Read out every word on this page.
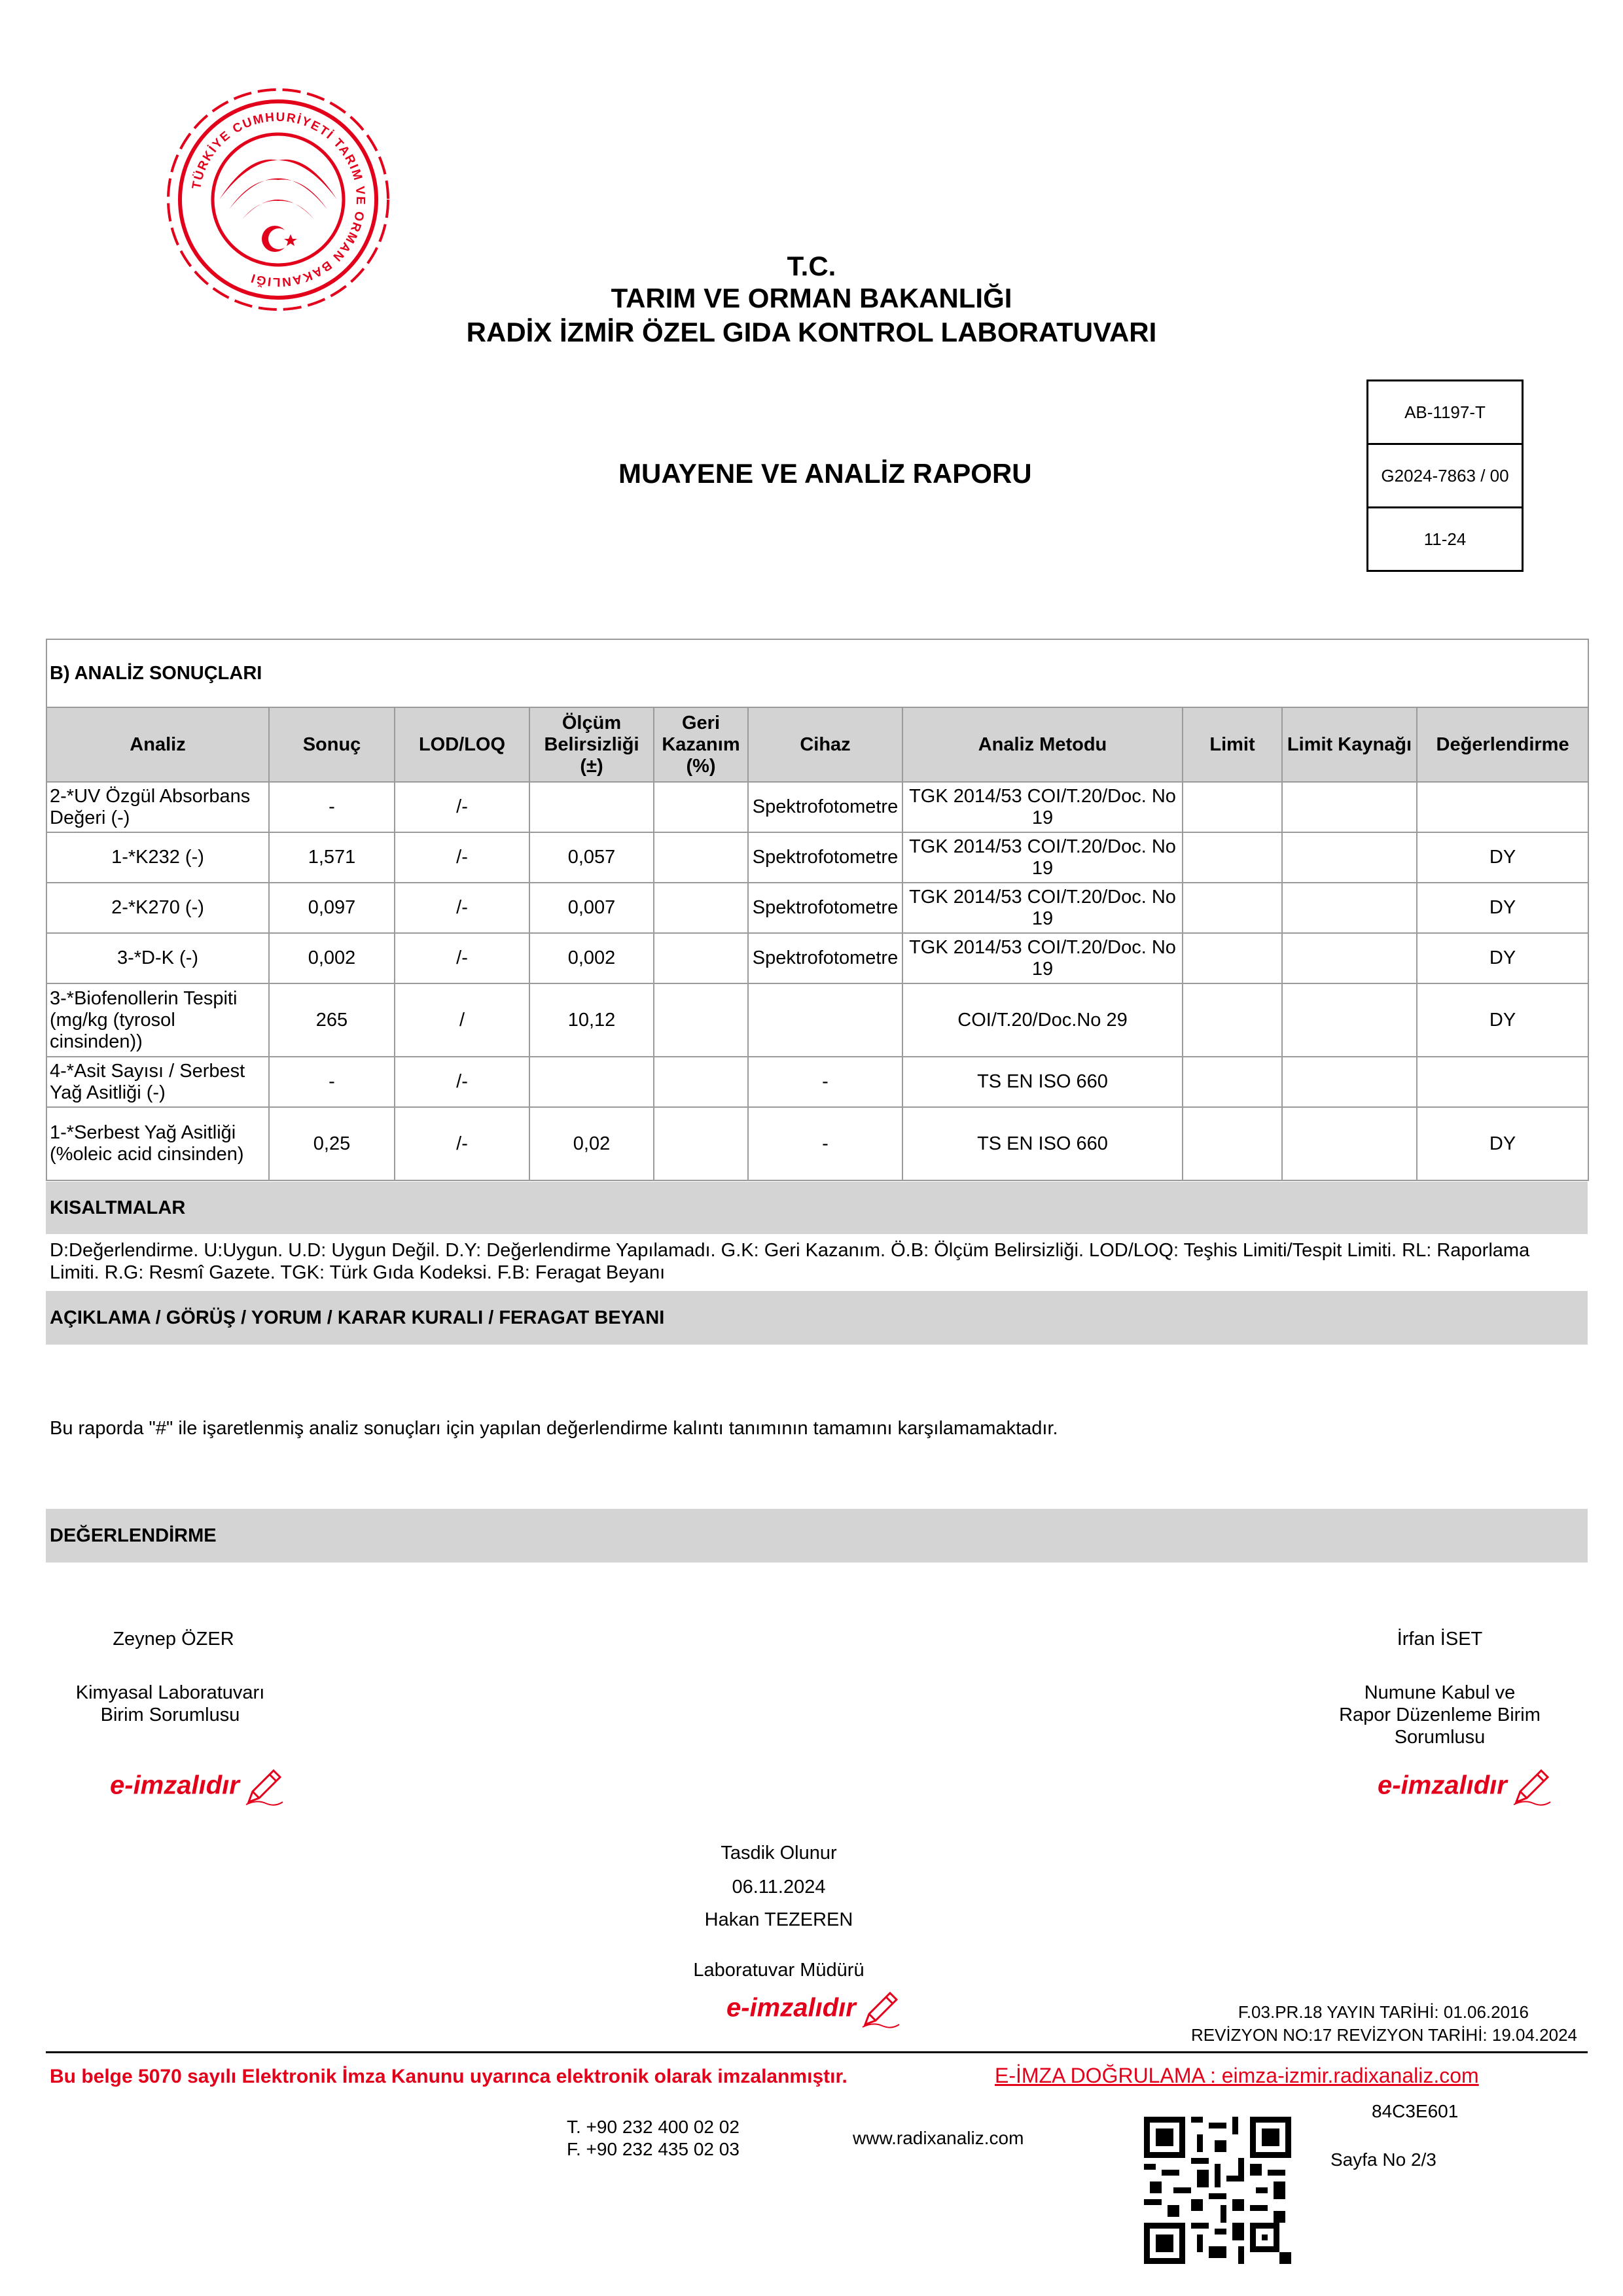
TÜRKİYE CUMHURİYETİ TARIM VE ORMAN BAKANLIĞI	T.C.
TARIM VE ORMAN BAKANLIĞI
RADİX İZMİR ÖZEL GIDA KONTROL LABORATUVARI
AB-1197-T
G2024-7863 / 00
11-24
MUAYENE VE ANALİZ RAPORU
B) ANALİZ SONUÇLARI									
Analiz	Sonuç	LOD/LOQ	Ölçüm Belirsizliği (±)	Geri Kazanım (%)	Cihaz	Analiz Metodu	Limit	Limit Kaynağı	Değerlendirme
2-*UV Özgül Absorbans Değeri (-)	-	/-			Spektrofotometre	TGK 2014/53 COI/T.20/Doc. No 19			
1-*K232 (-)	1,571	/-	0,057		Spektrofotometre	TGK 2014/53 COI/T.20/Doc. No 19			DY
2-*K270 (-)	0,097	/-	0,007		Spektrofotometre	TGK 2014/53 COI/T.20/Doc. No 19			DY
3-*D-K (-)	0,002	/-	0,002		Spektrofotometre	TGK 2014/53 COI/T.20/Doc. No 19			DY
3-*Biofenollerin Tespiti (mg/kg (tyrosol cinsinden))	265	/	10,12			COI/T.20/Doc.No 29			DY
4-*Asit Sayısı / Serbest Yağ Asitliği (-)	-	/-			-	TS EN ISO 660			
1-*Serbest Yağ Asitliği (%oleic acid cinsinden)	0,25	/-	0,02		-	TS EN ISO 660			DY
KISALTMALAR
D:Değerlendirme. U:Uygun. U.D: Uygun Değil. D.Y: Değerlendirme Yapılamadı. G.K: Geri Kazanım. Ö.B: Ölçüm Belirsizliği. LOD/LOQ: Teşhis Limiti/Tespit Limiti. RL: Raporlama Limiti. R.G: Resmî Gazete. TGK: Türk Gıda Kodeksi. F.B: Feragat Beyanı
AÇIKLAMA / GÖRÜŞ / YORUM / KARAR KURALI / FERAGAT BEYANI
Bu raporda "#" ile işaretlenmiş analiz sonuçları için yapılan değerlendirme kalıntı tanımının tamamını karşılamamaktadır.
DEĞERLENDİRME
Zeynep ÖZER
Kimyasal Laboratuvarı
Birim Sorumlusu
e-imzalıdır
İrfan İSET
Numune Kabul ve
Rapor Düzenleme Birim
Sorumlusu
e-imzalıdır
Tasdik Olunur
06.11.2024
Hakan TEZEREN
Laboratuvar Müdürü
e-imzalıdır	F.03.PR.18 YAYIN TARİHİ: 01.06.2016
REVİZYON NO:17 REVİZYON TARİHİ: 19.04.2024
Bu belge 5070 sayılı Elektronik İmza Kanunu uyarınca elektronik olarak imzalanmıştır.	E-İMZA DOĞRULAMA : eimza-izmir.radixanaliz.com
84C3E601
T. +90 232 400 02 02
F. +90 232 435 02 03
www.radixanaliz.com
Sayfa No 2/3
